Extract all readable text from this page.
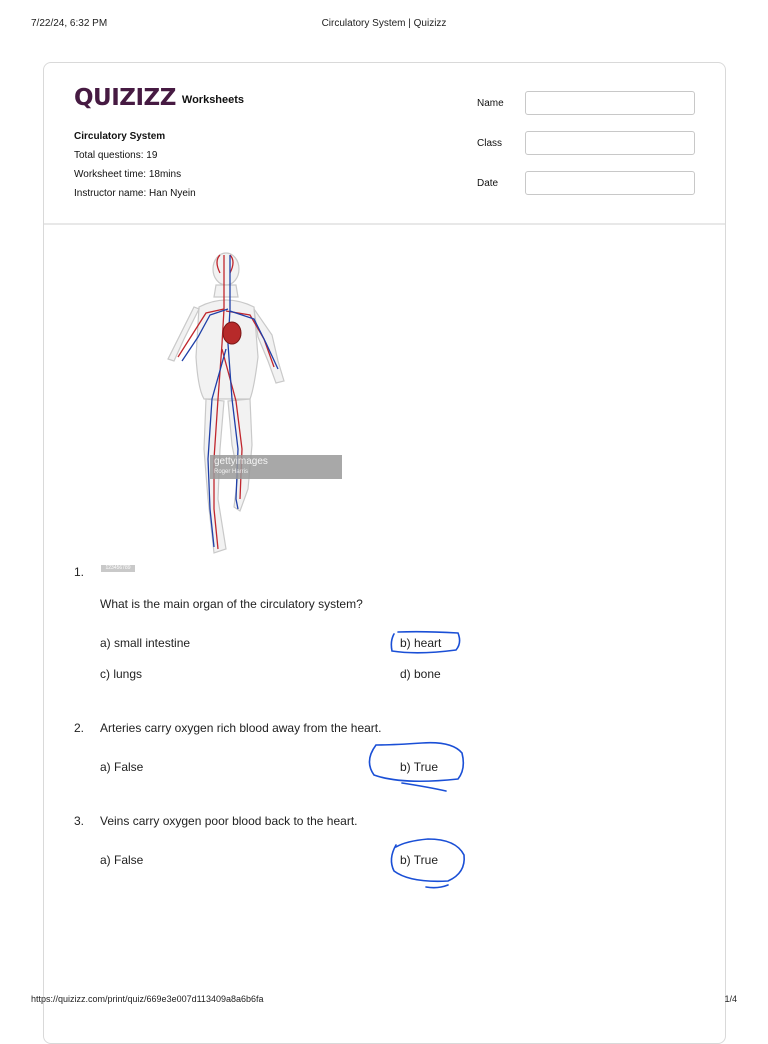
7/22/24, 6:32 PM	Circulatory System | Quizizz
QUIZIZZ Worksheets
Circulatory System
Total questions: 19
Worksheet time: 18mins
Instructor name: Han Nyein
Name
Class
Date
gettyimages
Roger Harris
123456789
1.
What is the main organ of the circulatory system?
a) small intestine	b) heart
c) lungs	d) bone
2. Arteries carry oxygen rich blood away from the heart.
a) False	b) True
3. Veins carry oxygen poor blood back to the heart.
a) False	b) True
https://quizizz.com/print/quiz/669e3e007d113409a8a6b6fa	1/4
